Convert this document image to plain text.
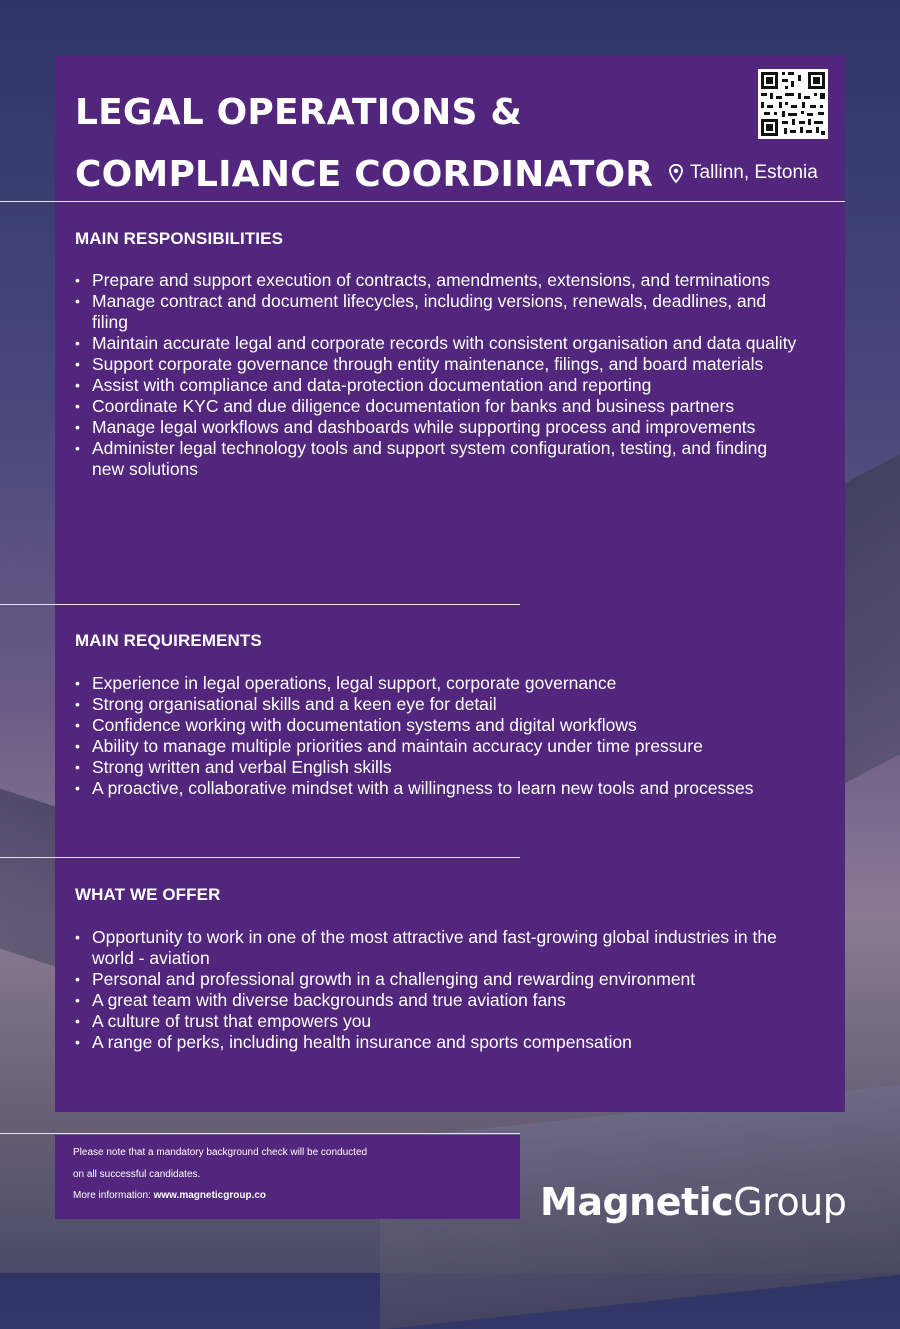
LEGAL OPERATIONS &
COMPLIANCE COORDINATOR Tallinn, Estonia
MAIN RESPONSIBILITIES
• Prepare and support execution of contracts, amendments, extensions, and terminations
• Manage contract and document lifecycles, including versions, renewals, deadlines, and filing
• Maintain accurate legal and corporate records with consistent organisation and data quality
• Support corporate governance through entity maintenance, filings, and board materials
• Assist with compliance and data-protection documentation and reporting
• Coordinate KYC and due diligence documentation for banks and business partners
• Manage legal workflows and dashboards while supporting process and improvements
• Administer legal technology tools and support system configuration, testing, and finding new solutions
MAIN REQUIREMENTS
• Experience in legal operations, legal support, corporate governance
• Strong organisational skills and a keen eye for detail
• Confidence working with documentation systems and digital workflows
• Ability to manage multiple priorities and maintain accuracy under time pressure
• Strong written and verbal English skills
• A proactive, collaborative mindset with a willingness to learn new tools and processes
WHAT WE OFFER
• Opportunity to work in one of the most attractive and fast-growing global industries in the world - aviation
• Personal and professional growth in a challenging and rewarding environment
• A great team with diverse backgrounds and true aviation fans
• A culture of trust that empowers you
• A range of perks, including health insurance and sports compensation
Please note that a mandatory background check will be conducted
on all successful candidates.
More information: www.magneticgroup.co	MagneticGroup
